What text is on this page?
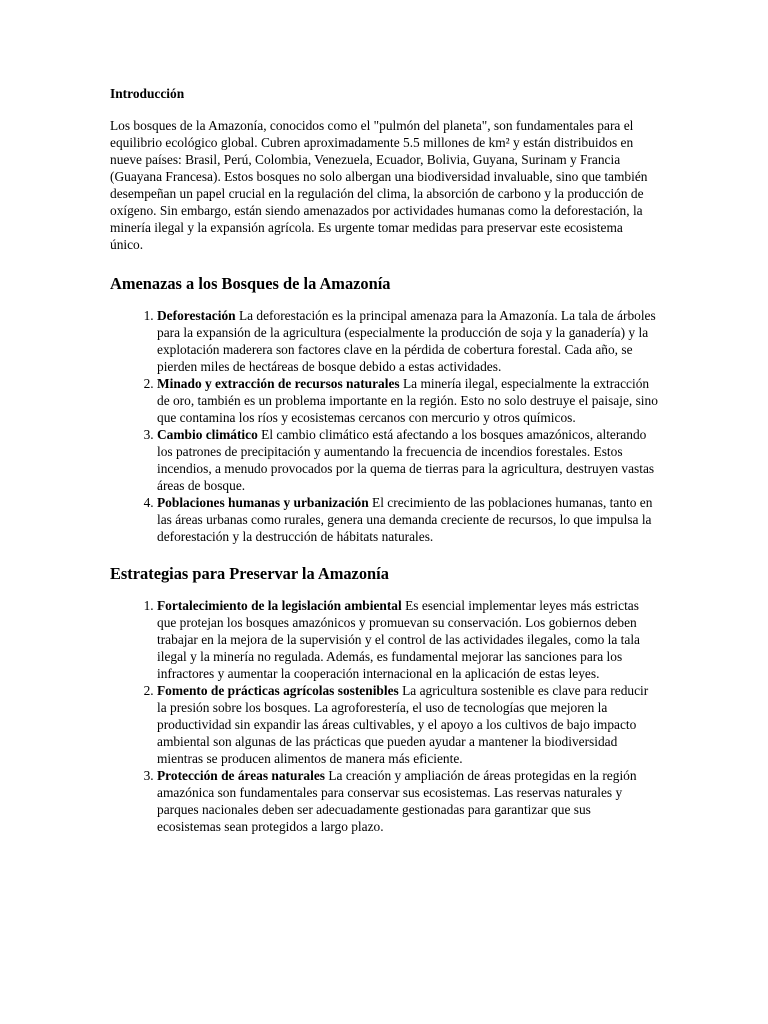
Introducción

Los bosques de la Amazonía, conocidos como el "pulmón del planeta", son fundamentales para el equilibrio ecológico global. Cubren aproximadamente 5.5 millones de km² y están distribuidos en nueve países: Brasil, Perú, Colombia, Venezuela, Ecuador, Bolivia, Guyana, Surinam y Francia (Guayana Francesa). Estos bosques no solo albergan una biodiversidad invaluable, sino que también desempeñan un papel crucial en la regulación del clima, la absorción de carbono y la producción de oxígeno. Sin embargo, están siendo amenazados por actividades humanas como la deforestación, la minería ilegal y la expansión agrícola. Es urgente tomar medidas para preservar este ecosistema único.

Amenazas a los Bosques de la Amazonía
1. Deforestación La deforestación es la principal amenaza para la Amazonía. La tala de árboles para la expansión de la agricultura (especialmente la producción de soja y la ganadería) y la explotación maderera son factores clave en la pérdida de cobertura forestal. Cada año, se pierden miles de hectáreas de bosque debido a estas actividades.
2. Minado y extracción de recursos naturales La minería ilegal, especialmente la extracción de oro, también es un problema importante en la región. Esto no solo destruye el paisaje, sino que contamina los ríos y ecosistemas cercanos con mercurio y otros químicos.
3. Cambio climático El cambio climático está afectando a los bosques amazónicos, alterando los patrones de precipitación y aumentando la frecuencia de incendios forestales. Estos incendios, a menudo provocados por la quema de tierras para la agricultura, destruyen vastas áreas de bosque.
4. Poblaciones humanas y urbanización El crecimiento de las poblaciones humanas, tanto en las áreas urbanas como rurales, genera una demanda creciente de recursos, lo que impulsa la deforestación y la destrucción de hábitats naturales.
Estrategias para Preservar la Amazonía
1. Fortalecimiento de la legislación ambiental Es esencial implementar leyes más estrictas que protejan los bosques amazónicos y promuevan su conservación. Los gobiernos deben trabajar en la mejora de la supervisión y el control de las actividades ilegales, como la tala ilegal y la minería no regulada. Además, es fundamental mejorar las sanciones para los infractores y aumentar la cooperación internacional en la aplicación de estas leyes.
2. Fomento de prácticas agrícolas sostenibles La agricultura sostenible es clave para reducir la presión sobre los bosques. La agroforestería, el uso de tecnologías que mejoren la productividad sin expandir las áreas cultivables, y el apoyo a los cultivos de bajo impacto ambiental son algunas de las prácticas que pueden ayudar a mantener la biodiversidad mientras se producen alimentos de manera más eficiente.
3. Protección de áreas naturales La creación y ampliación de áreas protegidas en la región amazónica son fundamentales para conservar sus ecosistemas. Las reservas naturales y parques nacionales deben ser adecuadamente gestionadas para garantizar que sus ecosistemas sean protegidos a largo plazo.
